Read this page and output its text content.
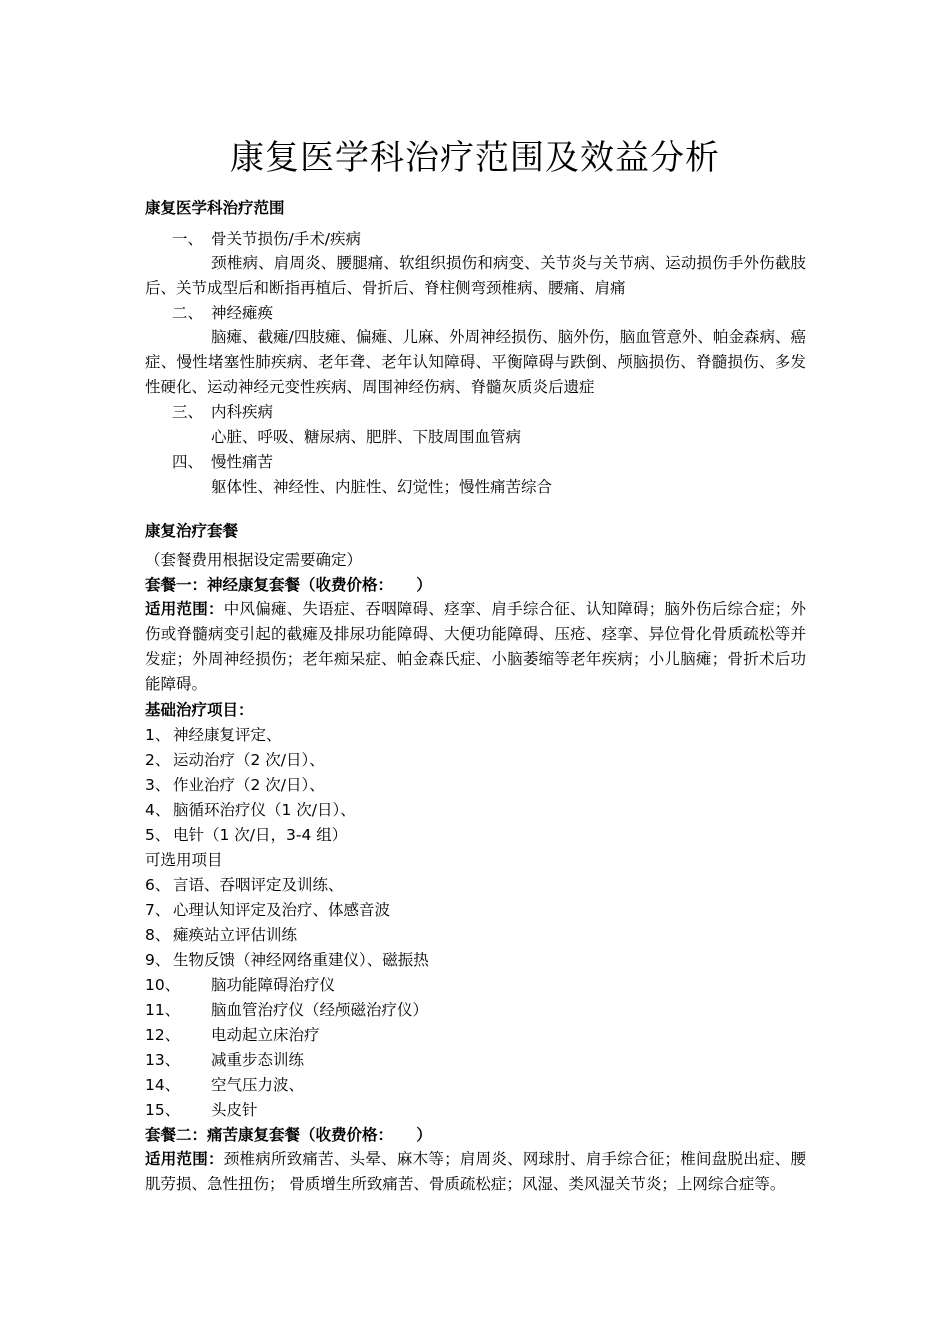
康复医学科治疗范围及效益分析
康复医学科治疗范围
一、 骨关节损伤/手术/疾病
颈椎病、肩周炎、腰腿痛、软组织损伤和病变、关节炎与关节病、运动损伤手外伤截肢后、关节成型后和断指再植后、骨折后、脊柱侧弯颈椎病、腰痛、肩痛
二、 神经瘫痪
脑瘫、截瘫/四肢瘫、偏瘫、儿麻、外周神经损伤、脑外伤，脑血管意外、帕金森病、癌症、慢性堵塞性肺疾病、老年聋、老年认知障碍、平衡障碍与跌倒、颅脑损伤、脊髓损伤、多发性硬化、运动神经元变性疾病、周围神经伤病、脊髓灰质炎后遗症
三、 内科疾病
心脏、呼吸、糖尿病、肥胖、下肢周围血管病
四、 慢性痛苦
躯体性、神经性、内脏性、幻觉性；慢性痛苦综合
康复治疗套餐
（套餐费用根据设定需要确定）
套餐一：神经康复套餐（收费价格：　　）
适用范围：中风偏瘫、失语症、吞咽障碍、痉挛、肩手综合征、认知障碍；脑外伤后综合症；外伤或脊髓病变引起的截瘫及排尿功能障碍、大便功能障碍、压疮、痉挛、异位骨化骨质疏松等并发症；外周神经损伤；老年痴呆症、帕金森氏症、小脑萎缩等老年疾病；小儿脑瘫；骨折术后功能障碍。
基础治疗项目：
1、 神经康复评定、
2、 运动治疗（2 次/日）、
3、 作业治疗（2 次/日）、
4、 脑循环治疗仪（1 次/日）、
5、 电针（1 次/日，3-4 组）
可选用项目
6、 言语、吞咽评定及训练、
7、 心理认知评定及治疗、体感音波
8、 瘫痪站立评估训练
9、 生物反馈（神经网络重建仪）、磁振热
10、 脑功能障碍治疗仪
11、 脑血管治疗仪（经颅磁治疗仪）
12、 电动起立床治疗
13、 减重步态训练
14、 空气压力波、
15、 头皮针
套餐二：痛苦康复套餐（收费价格：　　）
适用范围：颈椎病所致痛苦、头晕、麻木等；肩周炎、网球肘、肩手综合征；椎间盘脱出症、腰肌劳损、急性扭伤； 骨质增生所致痛苦、骨质疏松症；风湿、类风湿关节炎；上网综合症等。
